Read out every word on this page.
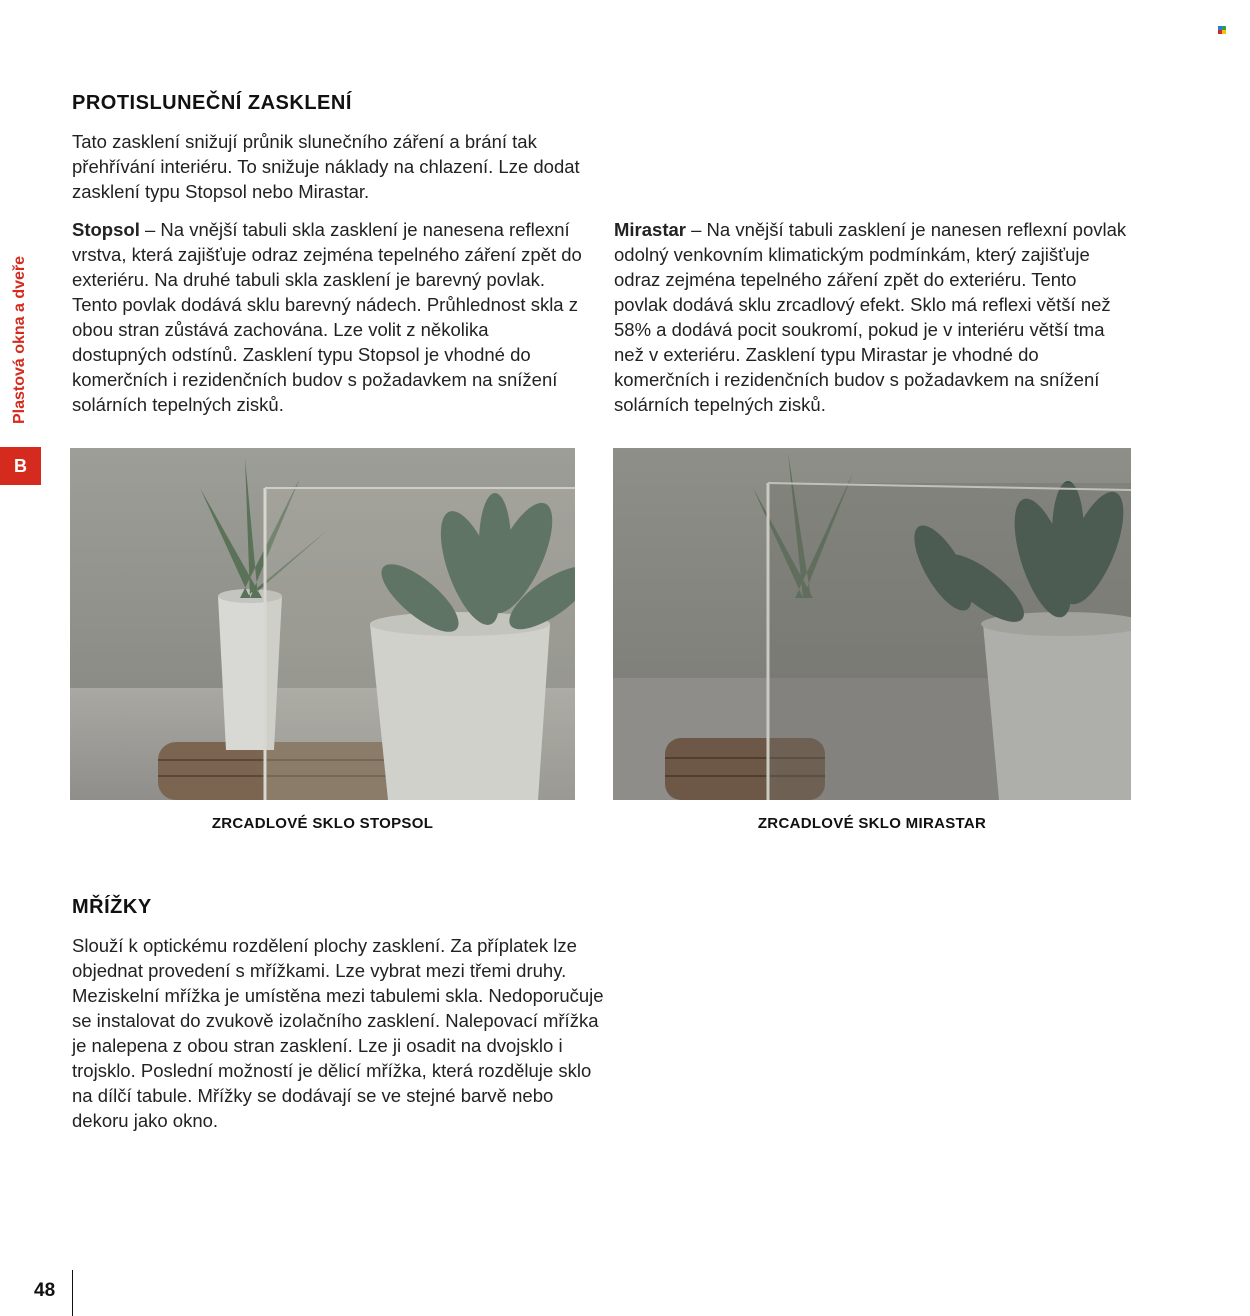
Plastová okna a dveře
B
PROTISLUNEČNÍ ZASKLENÍ

Tato zasklení snižují průnik slunečního záření a brání tak přehřívání interiéru. To snižuje náklady na chlazení. Lze dodat zasklení typu Stopsol nebo Mirastar.

Stopsol – Na vnější tabuli skla zasklení je nanesena reflexní vrstva, která zajišťuje odraz zejména tepelného záření zpět do exteriéru. Na druhé tabuli skla zasklení je barevný povlak. Tento povlak dodává sklu barevný nádech. Průhlednost skla z obou stran zůstává zachována. Lze volit z několika dostupných odstínů. Zasklení typu Stopsol je vhodné do komerčních i rezidenčních budov s požadavkem na snížení solárních tepelných zisků.

Mirastar – Na vnější tabuli zasklení je nanesen reflexní povlak odolný venkovním klimatickým podmínkám, který zajišťuje odraz zejména tepelného záření zpět do exteriéru. Tento povlak dodává sklu zrcadlový efekt. Sklo má reflexi větší než 58% a dodává pocit soukromí, pokud je v interiéru větší tma než v exteriéru. Zasklení typu Mirastar je vhodné do komerčních i rezidenčních budov s požadavkem na snížení solárních tepelných zisků.

ZRCADLOVÉ SKLO STOPSOL	ZRCADLOVÉ SKLO MIRASTAR
MŘÍŽKY

Slouží k optickému rozdělení plochy zasklení. Za příplatek lze objednat provedení s mřížkami. Lze vybrat mezi třemi druhy. Meziskelní mřížka je umístěna mezi tabulemi skla. Nedoporučuje se instalovat do zvukově izolačního zasklení. Nalepovací mřížka je nalepena z obou stran zasklení. Lze ji osadit na dvojsklo i trojsklo. Poslední možností je dělicí mřížka, která rozděluje sklo na dílčí tabule. Mřížky se dodávají se ve stejné barvě nebo dekoru jako okno.

48
